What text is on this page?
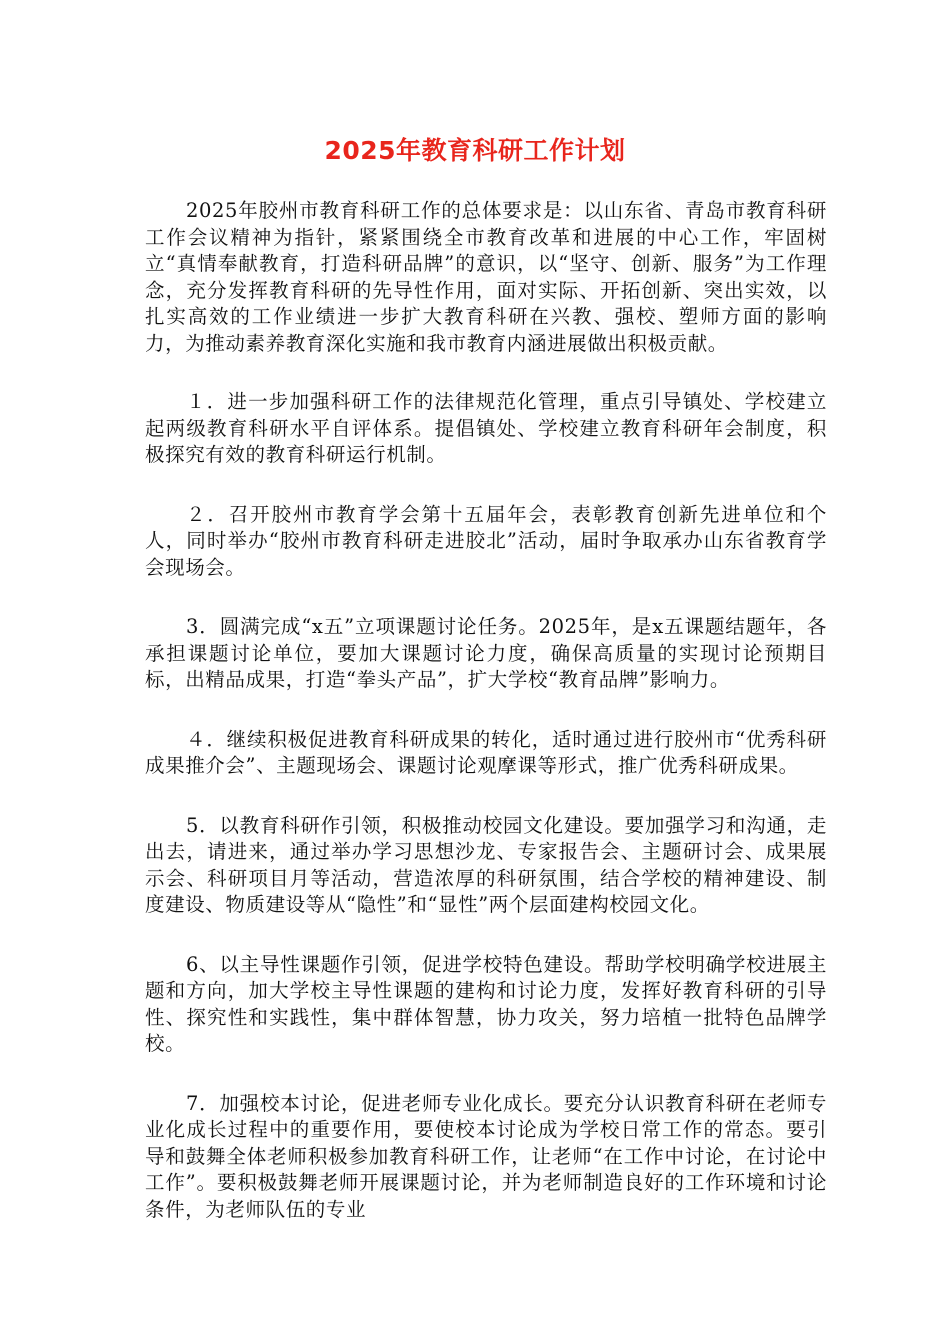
2025年教育科研工作计划

2025年胶州市教育科研工作的总体要求是：以山东省、青岛市教育科研工作会议精神为指针，紧紧围绕全市教育改革和进展的中心工作，牢固树立“真情奉献教育，打造科研品牌”的意识，以“坚守、创新、服务”为工作理念，充分发挥教育科研的先导性作用，面对实际、开拓创新、突出实效，以扎实高效的工作业绩进一步扩大教育科研在兴教、强校、塑师方面的影响力，为推动素养教育深化实施和我市教育内涵进展做出积极贡献。

１．进一步加强科研工作的法律规范化管理，重点引导镇处、学校建立起两级教育科研水平自评体系。提倡镇处、学校建立教育科研年会制度，积极探究有效的教育科研运行机制。

２．召开胶州市教育学会第十五届年会，表彰教育创新先进单位和个人，同时举办“胶州市教育科研走进胶北”活动，届时争取承办山东省教育学会现场会。

3．圆满完成“x五”立项课题讨论任务。2025年，是x五课题结题年，各承担课题讨论单位，要加大课题讨论力度，确保高质量的实现讨论预期目标，出精品成果，打造“拳头产品”，扩大学校“教育品牌”影响力。

４．继续积极促进教育科研成果的转化，适时通过进行胶州市“优秀科研成果推介会”、主题现场会、课题讨论观摩课等形式，推广优秀科研成果。

5．以教育科研作引领，积极推动校园文化建设。要加强学习和沟通，走出去，请进来，通过举办学习思想沙龙、专家报告会、主题研讨会、成果展示会、科研项目月等活动，营造浓厚的科研氛围，结合学校的精神建设、制度建设、物质建设等从“隐性”和“显性”两个层面建构校园文化。

6、以主导性课题作引领，促进学校特色建设。帮助学校明确学校进展主题和方向，加大学校主导性课题的建构和讨论力度，发挥好教育科研的引导性、探究性和实践性，集中群体智慧，协力攻关，努力培植一批特色品牌学校。

7．加强校本讨论，促进老师专业化成长。要充分认识教育科研在老师专业化成长过程中的重要作用，要使校本讨论成为学校日常工作的常态。要引导和鼓舞全体老师积极参加教育科研工作，让老师“在工作中讨论，在讨论中工作”。要积极鼓舞老师开展课题讨论，并为老师制造良好的工作环境和讨论条件，为老师队伍的专业
